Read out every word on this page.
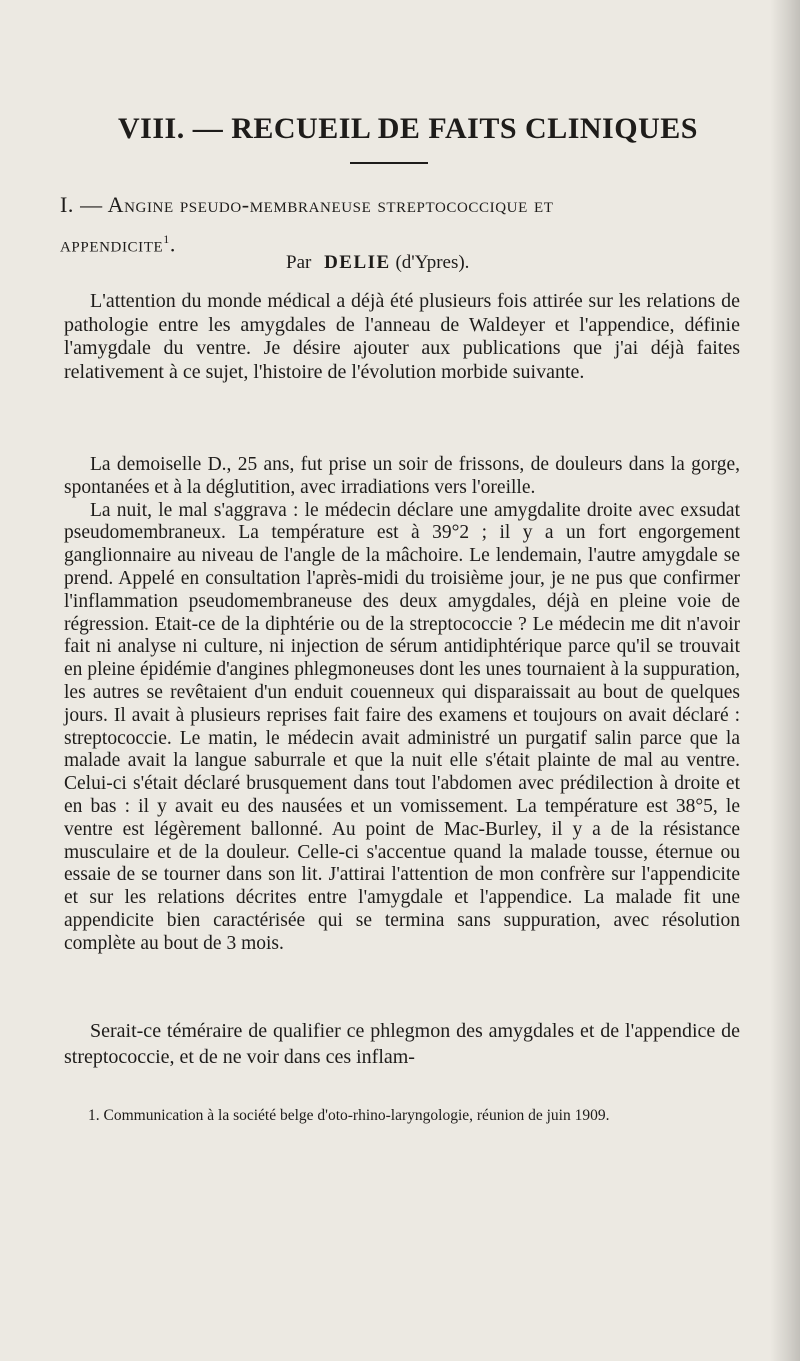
VIII. — RECUEIL DE FAITS CLINIQUES

I. — Angine pseudo-membraneuse streptococcique et

appendicite$^1$.

Par DELIE (d'Ypres).

L'attention du monde médical a déjà été plusieurs fois attirée sur les relations de pathologie entre les amygdales de l'anneau de Waldeyer et l'appendice, définie l'amygdale du ventre. Je désire ajouter aux publications que j'ai déjà faites relativement à ce sujet, l'histoire de l'évolution morbide suivante.

La demoiselle D., 25 ans, fut prise un soir de frissons, de douleurs dans la gorge, spontanées et à la déglutition, avec irradiations vers l'oreille.

La nuit, le mal s'aggrava : le médecin déclare une amygdalite droite avec exsudat pseudomembraneux. La température est à 39°2 ; il y a un fort engorgement ganglionnaire au niveau de l'angle de la mâchoire. Le lendemain, l'autre amygdale se prend. Appelé en consultation l'après-midi du troisième jour, je ne pus que confirmer l'inflammation pseudomembraneuse des deux amygdales, déjà en pleine voie de régression. Etait-ce de la diphtérie ou de la streptococcie ? Le médecin me dit n'avoir fait ni analyse ni culture, ni injection de sérum antidiphtérique parce qu'il se trouvait en pleine épidémie d'angines phlegmoneuses dont les unes tournaient à la suppuration, les autres se revêtaient d'un enduit couenneux qui disparaissait au bout de quelques jours. Il avait à plusieurs reprises fait faire des examens et toujours on avait déclaré : streptococcie. Le matin, le médecin avait administré un purgatif salin parce que la malade avait la langue saburrale et que la nuit elle s'était plainte de mal au ventre. Celui-ci s'était déclaré brusquement dans tout l'abdomen avec prédilection à droite et en bas : il y avait eu des nausées et un vomissement. La température est 38°5, le ventre est légèrement ballonné. Au point de Mac-Burley, il y a de la résistance musculaire et de la douleur. Celle-ci s'accentue quand la malade tousse, éternue ou essaie de se tourner dans son lit. J'attirai l'attention de mon confrère sur l'appendicite et sur les relations décrites entre l'amygdale et l'appendice. La malade fit une appendicite bien caractérisée qui se termina sans suppuration, avec résolution complète au bout de 3 mois.

Serait-ce téméraire de qualifier ce phlegmon des amygdales et de l'appendice de streptococcie, et de ne voir dans ces inflam-

1. Communication à la société belge d'oto-rhino-laryngologie, réunion de juin 1909.
